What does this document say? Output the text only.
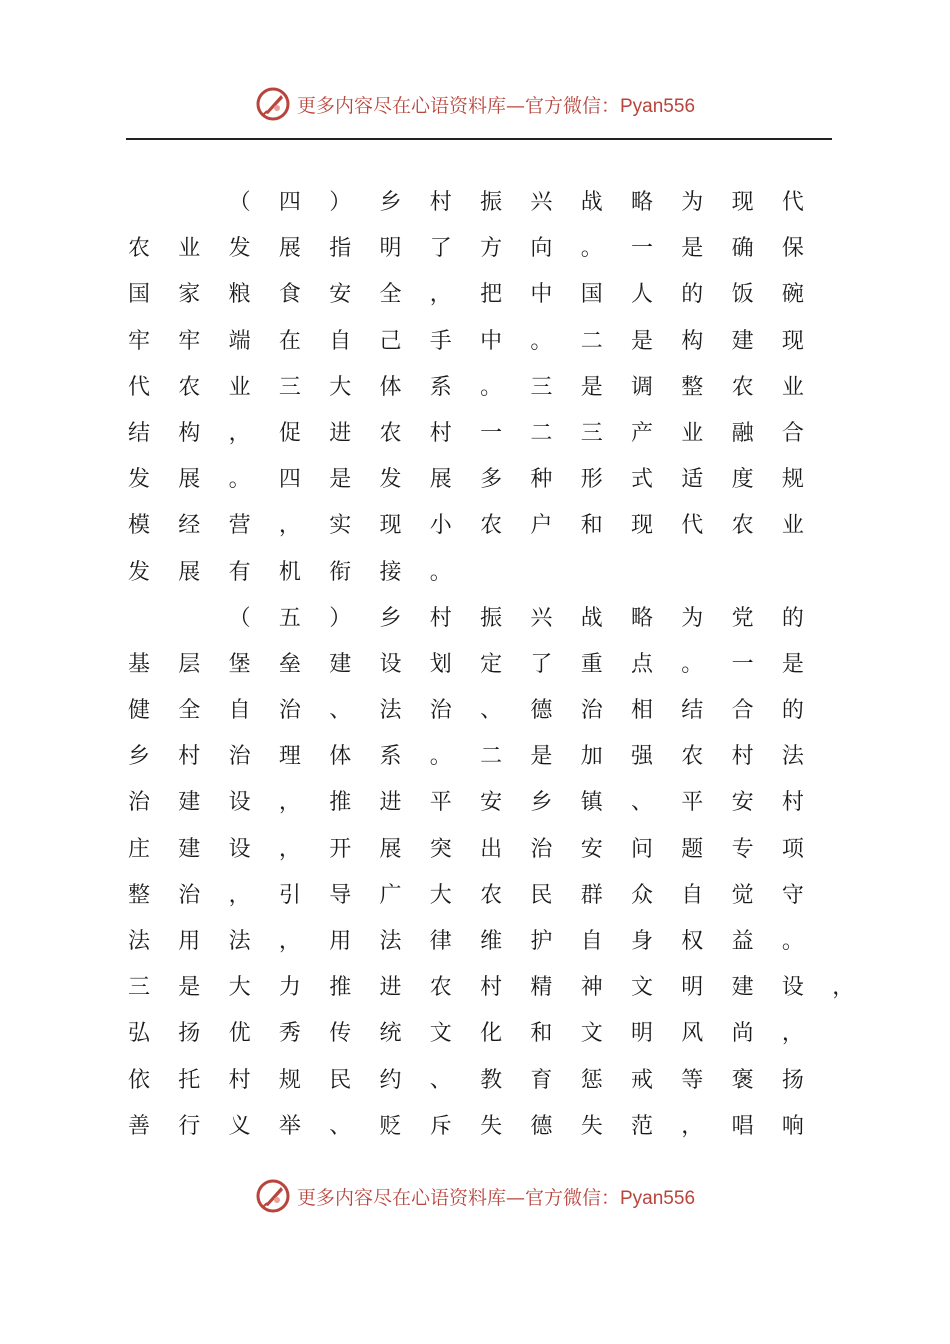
更多内容尽在心语资料库—官方微信：Pyan556
（ 四 ） 乡 村 振 兴 战 略 为 现 代
农 业 发 展 指 明 了 方 向 。 一 是 确 保
国 家 粮 食 安 全 ， 把 中 国 人 的 饭 碗
牢 牢 端 在 自 己 手 中 。 二 是 构 建 现
代 农 业 三 大 体 系 。 三 是 调 整 农 业
结 构 ， 促 进 农 村 一 二 三 产 业 融 合
发 展 。 四 是 发 展 多 种 形 式 适 度 规
模 经 营 ， 实 现 小 农 户 和 现 代 农 业
发 展 有 机 衔 接 。
（ 五 ） 乡 村 振 兴 战 略 为 党 的
基 层 堡 垒 建 设 划 定 了 重 点 。 一 是
健 全 自 治 、 法 治 、 德 治 相 结 合 的
乡 村 治 理 体 系 。 二 是 加 强 农 村 法
治 建 设 ， 推 进 平 安 乡 镇 、 平 安 村
庄 建 设 ， 开 展 突 出 治 安 问 题 专 项
整 治 ， 引 导 广 大 农 民 群 众 自 觉 守
法 用 法 ， 用 法 律 维 护 自 身 权 益 。
三 是 大 力 推 进 农 村 精 神 文 明 建 设 ，
弘 扬 优 秀 传 统 文 化 和 文 明 风 尚 ，
依 托 村 规 民 约 、 教 育 惩 戒 等 褒 扬
善 行 义 举 、 贬 斥 失 德 失 范 ， 唱 响
更多内容尽在心语资料库—官方微信：Pyan556
